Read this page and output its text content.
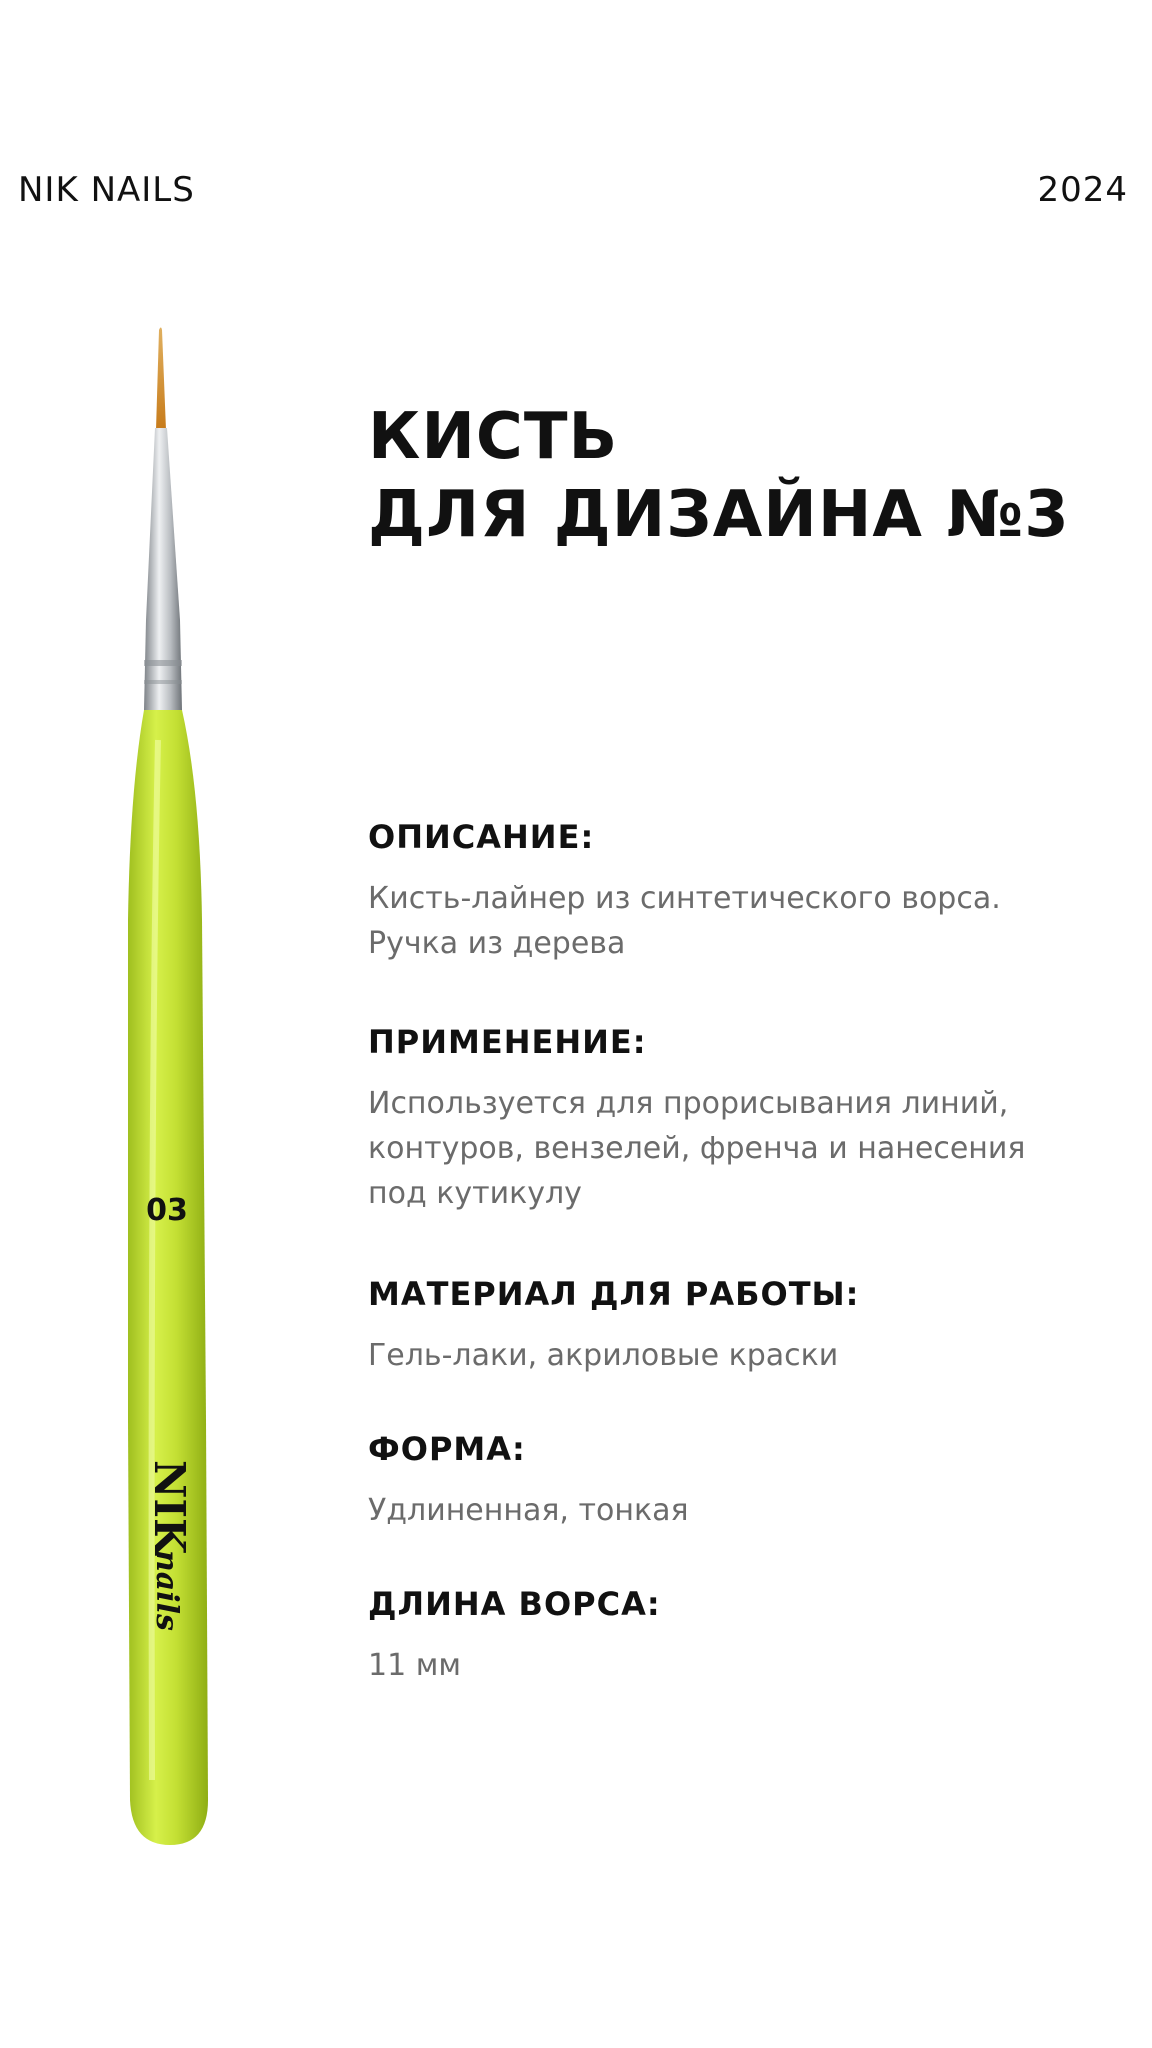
NIK NAILS	2024
КИСТЬ
ДЛЯ ДИЗАЙНА №3
03
NIK
nails
ОПИСАНИЕ:
Кисть-лайнер из синтетического ворса.
Ручка из дерева
ПРИМЕНЕНИЕ:
Используется для прорисывания линий,
контуров, вензелей, френча и нанесения
под кутикулу
МАТЕРИАЛ ДЛЯ РАБОТЫ:
Гель-лаки, акриловые краски
ФОРМА:
Удлиненная, тонкая
ДЛИНА ВОРСА:
11 мм
